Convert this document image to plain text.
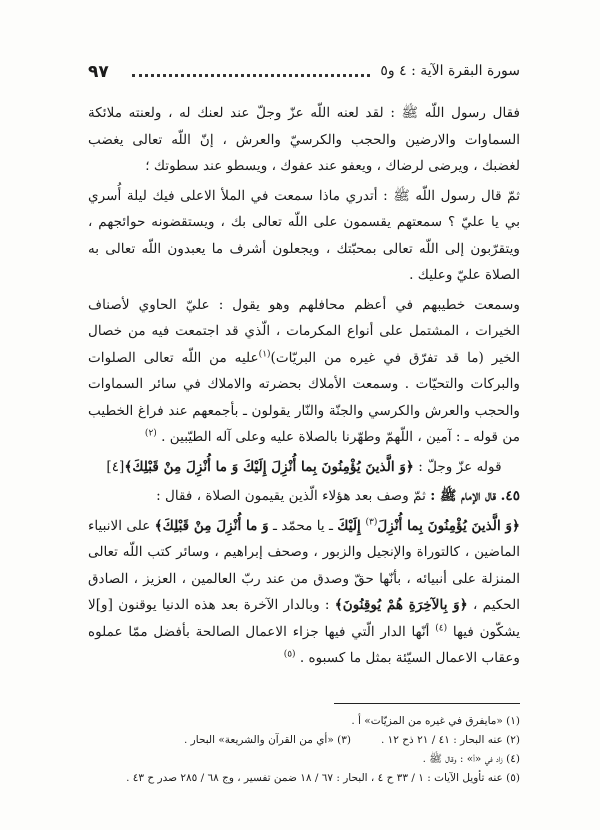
٩٧	سورة البقرة الآية : ٤ و٥

فقال رسول اللّه ﷺ : لقد لعنه اللّه عزّ وجلّ عند لعنك له ، ولعنته ملائكة السماوات والارضين والحجب والكرسيّ والعرش ، إنّ اللّه تعالى يغضب لغضبك ، ويرضى لرضاك ، ويعفو عند عفوك ، ويسطو عند سطوتك ؛

ثمّ قال رسول اللّه ﷺ : أتدري ماذا سمعت في الملأ الاعلى فيك ليلة أُسري بي يا عليّ ؟ سمعتهم يقسمون على اللّه تعالى بك ، ويستقضونه حوائجهم ، ويتقرّبون إلى اللّه تعالى بمحبّتك ، ويجعلون أشرف ما يعبدون اللّه تعالى به الصلاة عليّ وعليك .

وسمعت خطيبهم في أعظم محافلهم وهو يقول : عليّ الحاوي لأصناف الخيرات ، المشتمل على أنواع المكرمات ، الّذي قد اجتمعت فيه من خصال الخير (ما قد تفرّق في غيره من البريّات)$^{(١)}$عليه من اللّه تعالى الصلوات والبركات والتحيّات . وسمعت الأملاك بحضرته والاملاك في سائر السماوات والحجب والعرش والكرسي والجنّة والنّار يقولون ـ بأجمعهم عند فراغ الخطيب من قوله ـ : آمين ، اللّهمّ وطهّرنا بالصلاة عليه وعلى آله الطيّبين . $^{(٢)}$

قوله عزّ وجلّ : ﴿وَ الَّذينَ يُؤْمِنُونَ بِما أُنْزِلَ إِلَيْكَ وَ ما أُنْزِلَ مِنْ قَبْلِكَ﴾[٤]

٤٥. قال الإمام ﷺ : ثمّ وصف بعد هؤلاء الّذين يقيمون الصلاة ، فقال :

﴿وَ الَّذينَ يُؤْمِنُونَ بِما أُنْزِلَ$^{(٣)}$ إِلَيْكَ ـ يا محمّد ـ وَ ما أُنْزِلَ مِنْ قَبْلِكَ﴾ على الانبياء الماضين ، كالتوراة والإنجيل والزبور ، وصحف إبراهيم ، وسائر كتب اللّه تعالى المنزلة على أنبيائه ، بأنّها حقّ وصدق من عند ربّ العالمين ، العزيز ، الصادق الحكيم ، ﴿وَ بِالآخِرَةِ هُمْ يُوقِنُونَ﴾ : وبالدار الآخرة بعد هذه الدنيا يوقنون [و]لا يشكّون فيها $^{(٤)}$ أنّها الدار الّتي فيها جزاء الاعمال الصالحة بأفضل ممّا عملوه وعقاب الاعمال السيّئة بمثل ما كسبوه . $^{(٥)}$

(١) «مايفرق في غيره من المزيّات» أ .
(٢) عنه البحار : ٤١ / ٢١ ذح ١٢ .
(٣) «أي من القرآن والشريعة» البحار .
(٤) زاد في «أ» : وقال ﷺ .
(٥) عنه تأويل الآيات : ١ / ٣٣ ح ٤ ، البحار : ٦٧ / ١٨ ضمن تفسير ، وج ٦٨ / ٢٨٥ صدر ح ٤٣ .
